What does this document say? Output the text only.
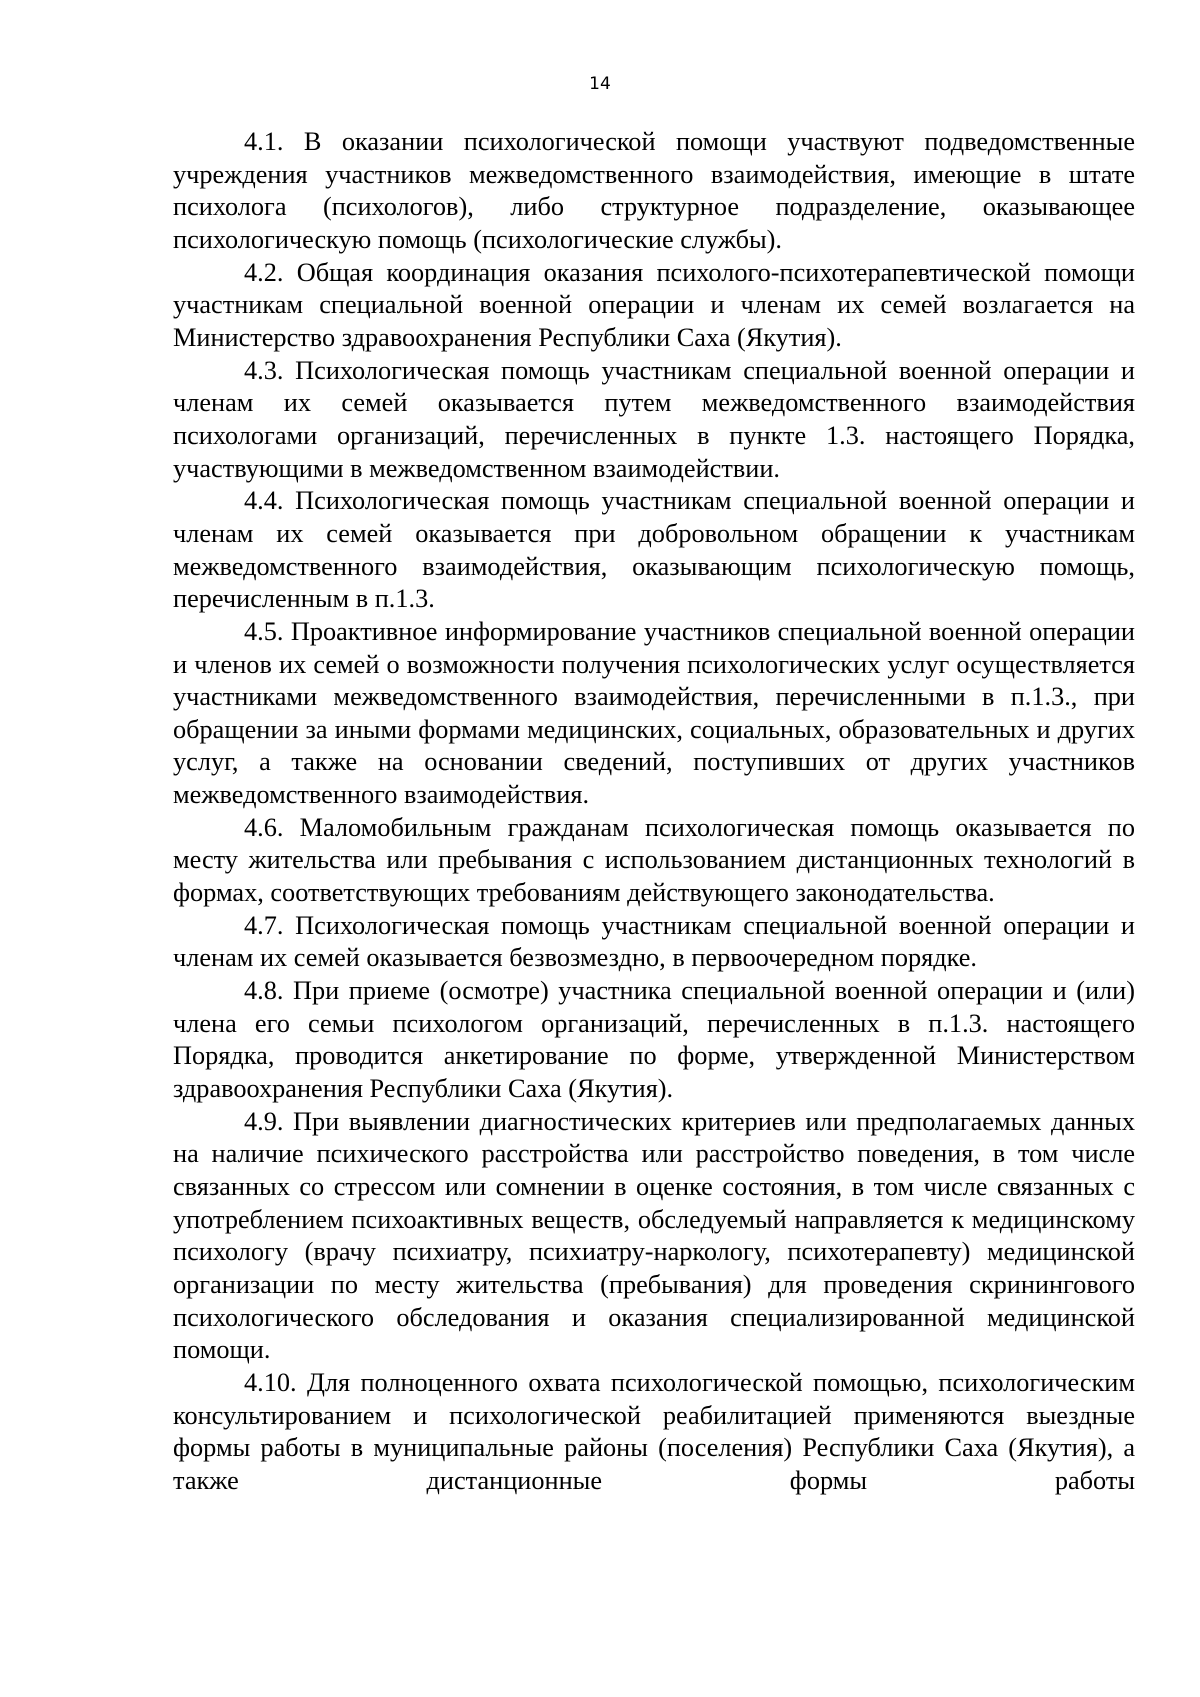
14

4.1. В оказании психологической помощи участвуют подведомственные учреждения участников межведомственного взаимодействия, имеющие в штате психолога (психологов), либо структурное подразделение, оказывающее психологическую помощь (психологические службы).

4.2. Общая координация оказания психолого-психотерапевтической помощи участникам специальной военной операции и членам их семей возлагается на Министерство здравоохранения Республики Саха (Якутия).

4.3. Психологическая помощь участникам специальной военной операции и членам их семей оказывается путем межведомственного взаимодействия психологами организаций, перечисленных в пункте 1.3. настоящего Порядка, участвующими в межведомственном взаимодействии.

4.4. Психологическая помощь участникам специальной военной операции и членам их семей оказывается при добровольном обращении к участникам межведомственного взаимодействия, оказывающим психологическую помощь, перечисленным в п.1.3.

4.5. Проактивное информирование участников специальной военной операции и членов их семей о возможности получения психологических услуг осуществляется участниками межведомственного взаимодействия, перечисленными в п.1.3., при обращении за иными формами медицинских, социальных, образовательных и других услуг, а также на основании сведений, поступивших от других участников межведомственного взаимодействия.

4.6. Маломобильным гражданам психологическая помощь оказывается по месту жительства или пребывания с использованием дистанционных технологий в формах, соответствующих требованиям действующего законодательства.

4.7. Психологическая помощь участникам специальной военной операции и членам их семей оказывается безвозмездно, в первоочередном порядке.

4.8. При приеме (осмотре) участника специальной военной операции и (или) члена его семьи психологом организаций, перечисленных в п.1.3. настоящего Порядка, проводится анкетирование по форме, утвержденной Министерством здравоохранения Республики Саха (Якутия).

4.9. При выявлении диагностических критериев или предполагаемых данных на наличие психического расстройства или расстройство поведения, в том числе связанных со стрессом или сомнении в оценке состояния, в том числе связанных с употреблением психоактивных веществ, обследуемый направляется к медицинскому психологу (врачу психиатру, психиатру-наркологу, психотерапевту) медицинской организации по месту жительства (пребывания) для проведения скринингового психологического обследования и оказания специализированной медицинской помощи.

4.10. Для полноценного охвата психологической помощью, психологическим консультированием и психологической реабилитацией применяются выездные формы работы в муниципальные районы (поселения) Республики Саха (Якутия), а также дистанционные формы работы
